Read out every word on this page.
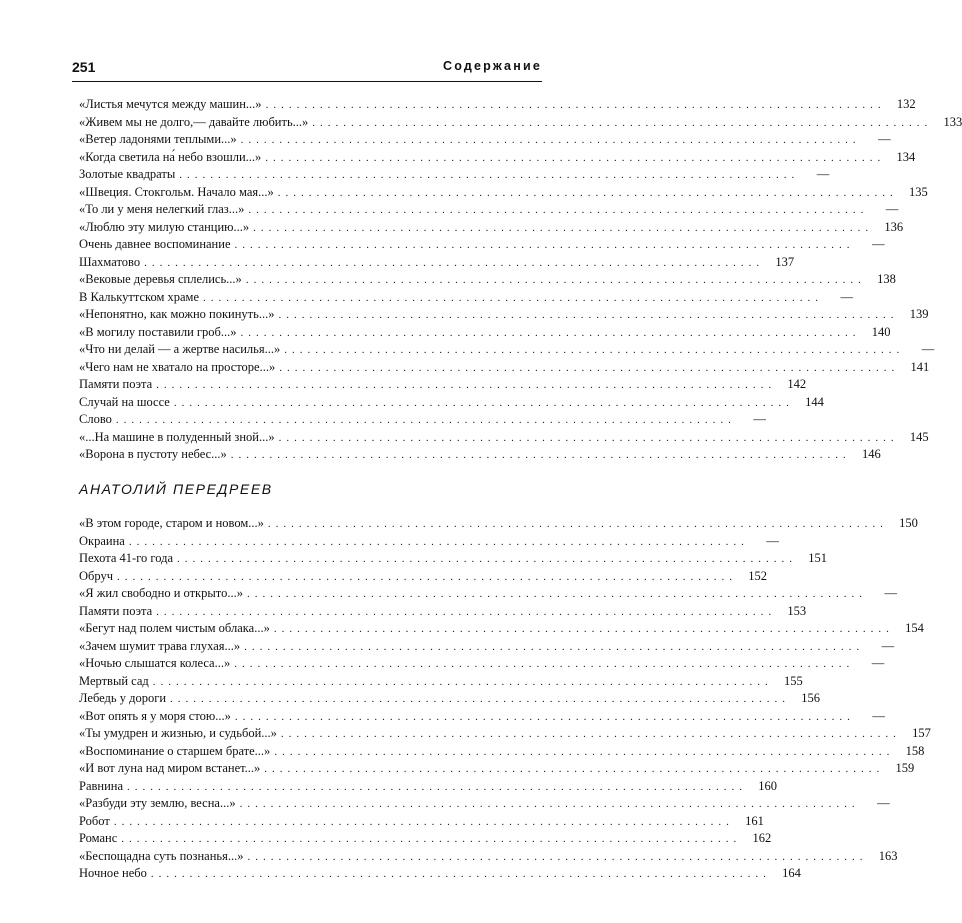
251	Содержание
«Листья мечутся между машин...» ................................................................................ 132
«Живем мы не долго,— давайте любить...» ................................................................................ 133
«Ветер ладонями теплыми...» ................................................................................	—
«Когда светила на́ небо взошли...» ................................................................................ 134
Золотые квадраты ................................................................................	—
«Швеция. Стокгольм. Начало мая...» ................................................................................ 135
«То ли у меня нелегкий глаз...» ................................................................................	—
«Люблю эту милую станцию...» ................................................................................ 136
Очень давнее воспоминание ................................................................................	—
Шахматово ................................................................................ 137
«Вековые деревья сплелись...» ................................................................................ 138
В Калькуттском храме ................................................................................	—
«Непонятно, как можно покинуть...» ................................................................................ 139
«В могилу поставили гроб...» ................................................................................ 140
«Что ни делай — а жертве насилья...» ................................................................................	—
«Чего нам не хватало на просторе...» ................................................................................ 141
Памяти поэта ................................................................................ 142
Случай на шоссе ................................................................................ 144
Слово ................................................................................	—
«...На машине в полуденный зной...» ................................................................................ 145
«Ворона в пустоту небес...» ................................................................................ 146
АНАТОЛИЙ ПЕРЕДРЕЕВ
«В этом городе, старом и новом...» ................................................................................ 150
Окраина ................................................................................	—
Пехота 41-го года ................................................................................ 151
Обруч ................................................................................ 152
«Я жил свободно и открыто...» ................................................................................	—
Памяти поэта ................................................................................ 153
«Бегут над полем чистым облака...» ................................................................................ 154
«Зачем шумит трава глухая...» ................................................................................	—
«Ночью слышатся колеса...» ................................................................................	—
Мертвый сад ................................................................................ 155
Лебедь у дороги ................................................................................ 156
«Вот опять я у моря стою...» ................................................................................	—
«Ты умудрен и жизнью, и судьбой...» ................................................................................ 157
«Воспоминание о старшем брате...» ................................................................................ 158
«И вот луна над миром встанет...» ................................................................................ 159
Равнина ................................................................................ 160
«Разбуди эту землю, весна...» ................................................................................	—
Робот ................................................................................ 161
Романс ................................................................................ 162
«Беспощадна суть познанья...» ................................................................................ 163
Ночное небо ................................................................................ 164
